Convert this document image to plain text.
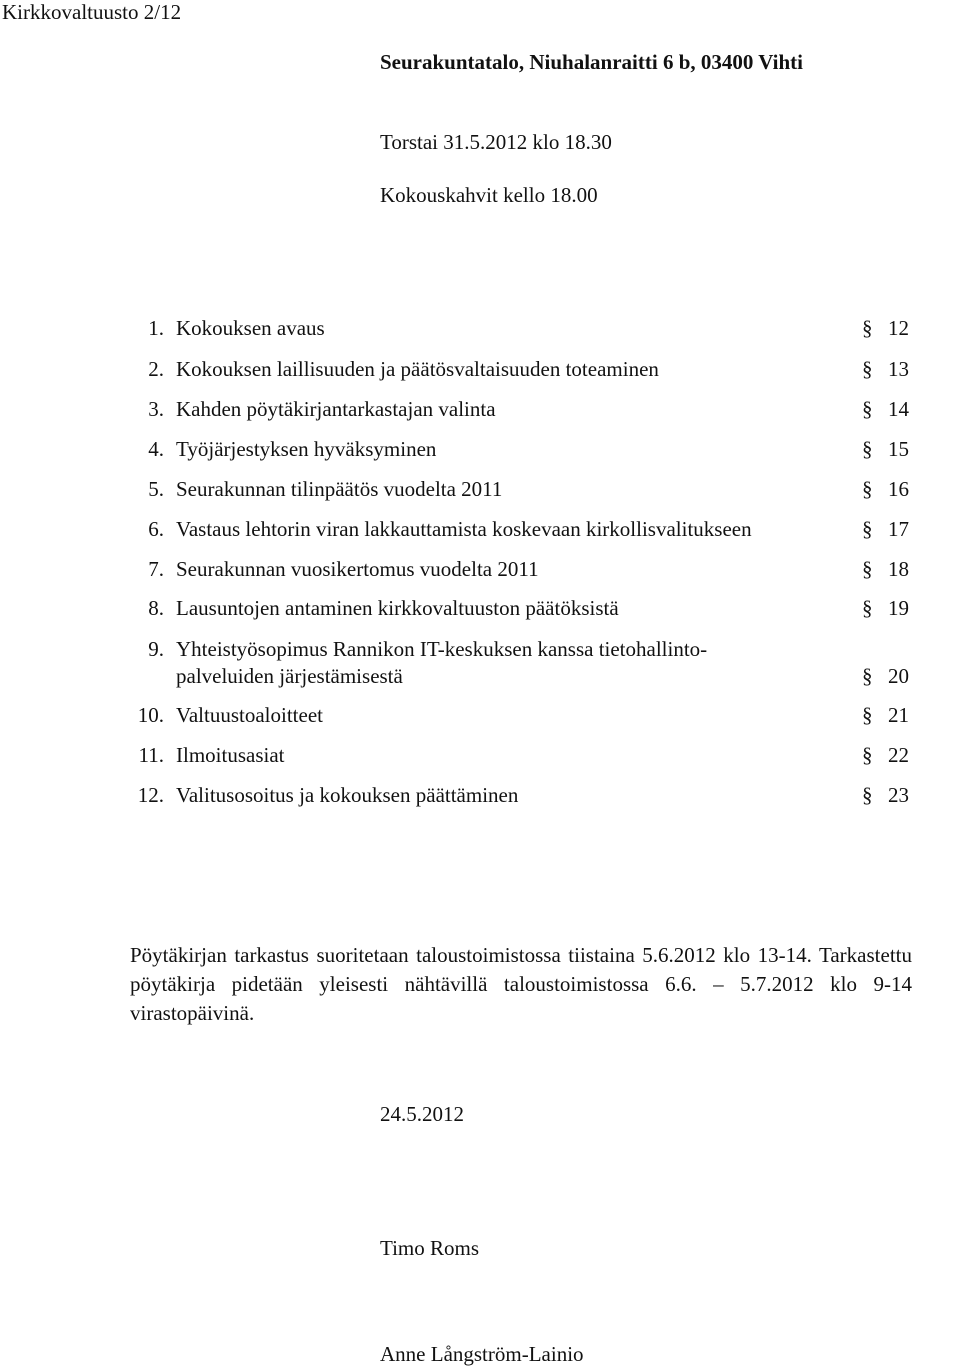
Kirkkovaltuusto 2/12
Seurakuntatalo, Niuhalanraitti 6 b, 03400 Vihti
Torstai 31.5.2012 klo 18.30
Kokouskahvit kello 18.00
1. Kokouksen avaus	§ 12
2. Kokouksen laillisuuden ja päätösvaltaisuuden toteaminen	§ 13
3. Kahden pöytäkirjantarkastajan valinta	§ 14
4. Työjärjestyksen hyväksyminen	§ 15
5. Seurakunnan tilinpäätös vuodelta 2011	§ 16
6. Vastaus lehtorin viran lakkauttamista koskevaan kirkollisvalitukseen	§ 17
7. Seurakunnan vuosikertomus vuodelta 2011	§ 18
8. Lausuntojen antaminen kirkkovaltuuston päätöksistä	§ 19
9. Yhteistyösopimus Rannikon IT-keskuksen kanssa tietohallinto-
palveluiden järjestämisestä	§ 20
10. Valtuustoaloitteet	§ 21
11. Ilmoitusasiat	§ 22
12. Valitusosoitus ja kokouksen päättäminen	§ 23
Pöytäkirjan tarkastus suoritetaan taloustoimistossa tiistaina 5.6.2012 klo 13-14. Tarkastettu pöytäkirja pidetään yleisesti nähtävillä taloustoimistossa 6.6. – 5.7.2012 klo 9-14 virastopäivinä.
24.5.2012
Timo Roms
Anne Långström-Lainio
